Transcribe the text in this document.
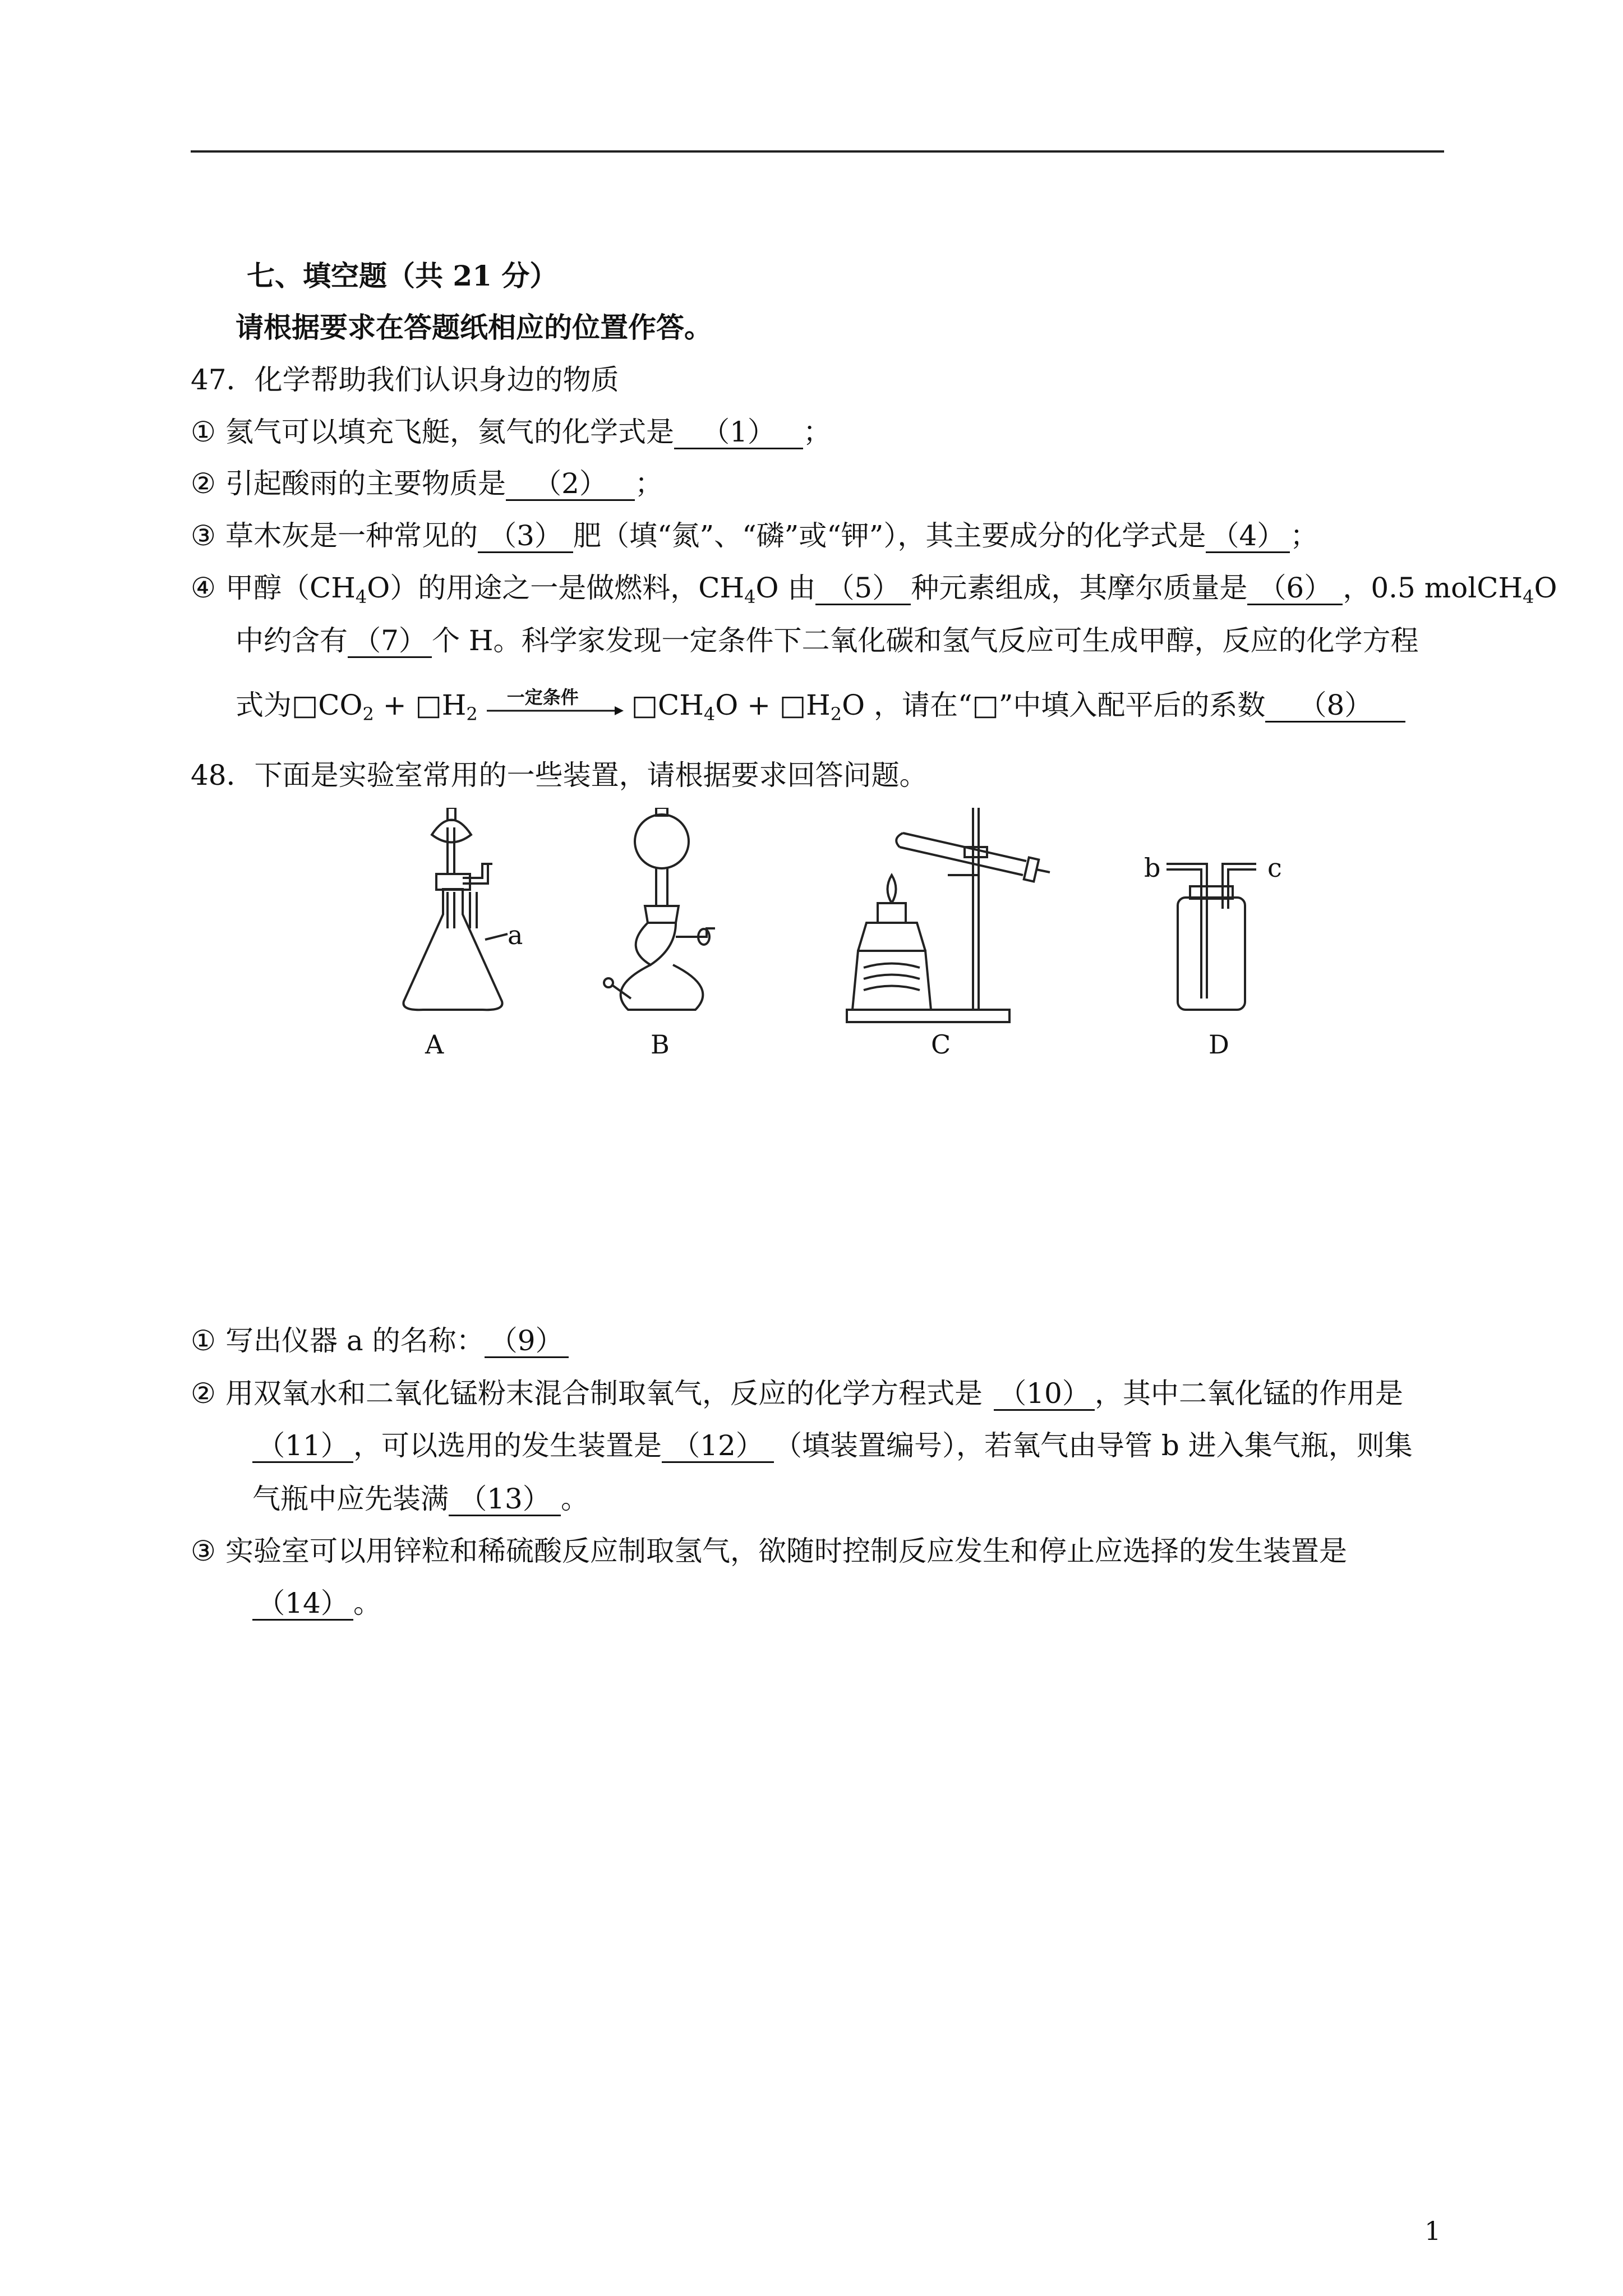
七、填空题（共 21 分）
请根据要求在答题纸相应的位置作答。
47．化学帮助我们认识身边的物质
① 氦气可以填充飞艇，氦气的化学式是 （1） ；
② 引起酸雨的主要物质是 （2） ；
③ 草木灰是一种常见的 （3） 肥（填“氮”、“磷”或“钾”），其主要成分的化学式是 （4） ；
④ 甲醇$(CH_4O)$的用途之一是做燃料，$CH_4O$ 由 （5） 种元素组成，其摩尔质量是 （6） ，0.5 molCH$_4$O
中约含有 （7） 个 H。科学家发现一定条件下二氧化碳和氢气反应可生成甲醇，反应的化学方程
式为$□CO_2$ + $□H_2$
一定条件 $□CH_4O$ + $□H_2O$ ，请在“□”中填入配平后的系数 （8）
48．下面是实验室常用的一些装置，请根据要求回答问题。
a
b	c
A	B	C	D
① 写出仪器 a 的名称： （9）
② 用双氧水和二氧化锰粉末混合制取氧气，反应的化学方程式是 （10） ，其中二氧化锰的作用是
（11） ，可以选用的发生装置是 （12） （填装置编号），若氧气由导管 b 进入集气瓶，则集
气瓶中应先装满 （13） 。
③ 实验室可以用锌粒和稀硫酸反应制取氢气，欲随时控制反应发生和停止应选择的发生装置是
（14） 。
1
